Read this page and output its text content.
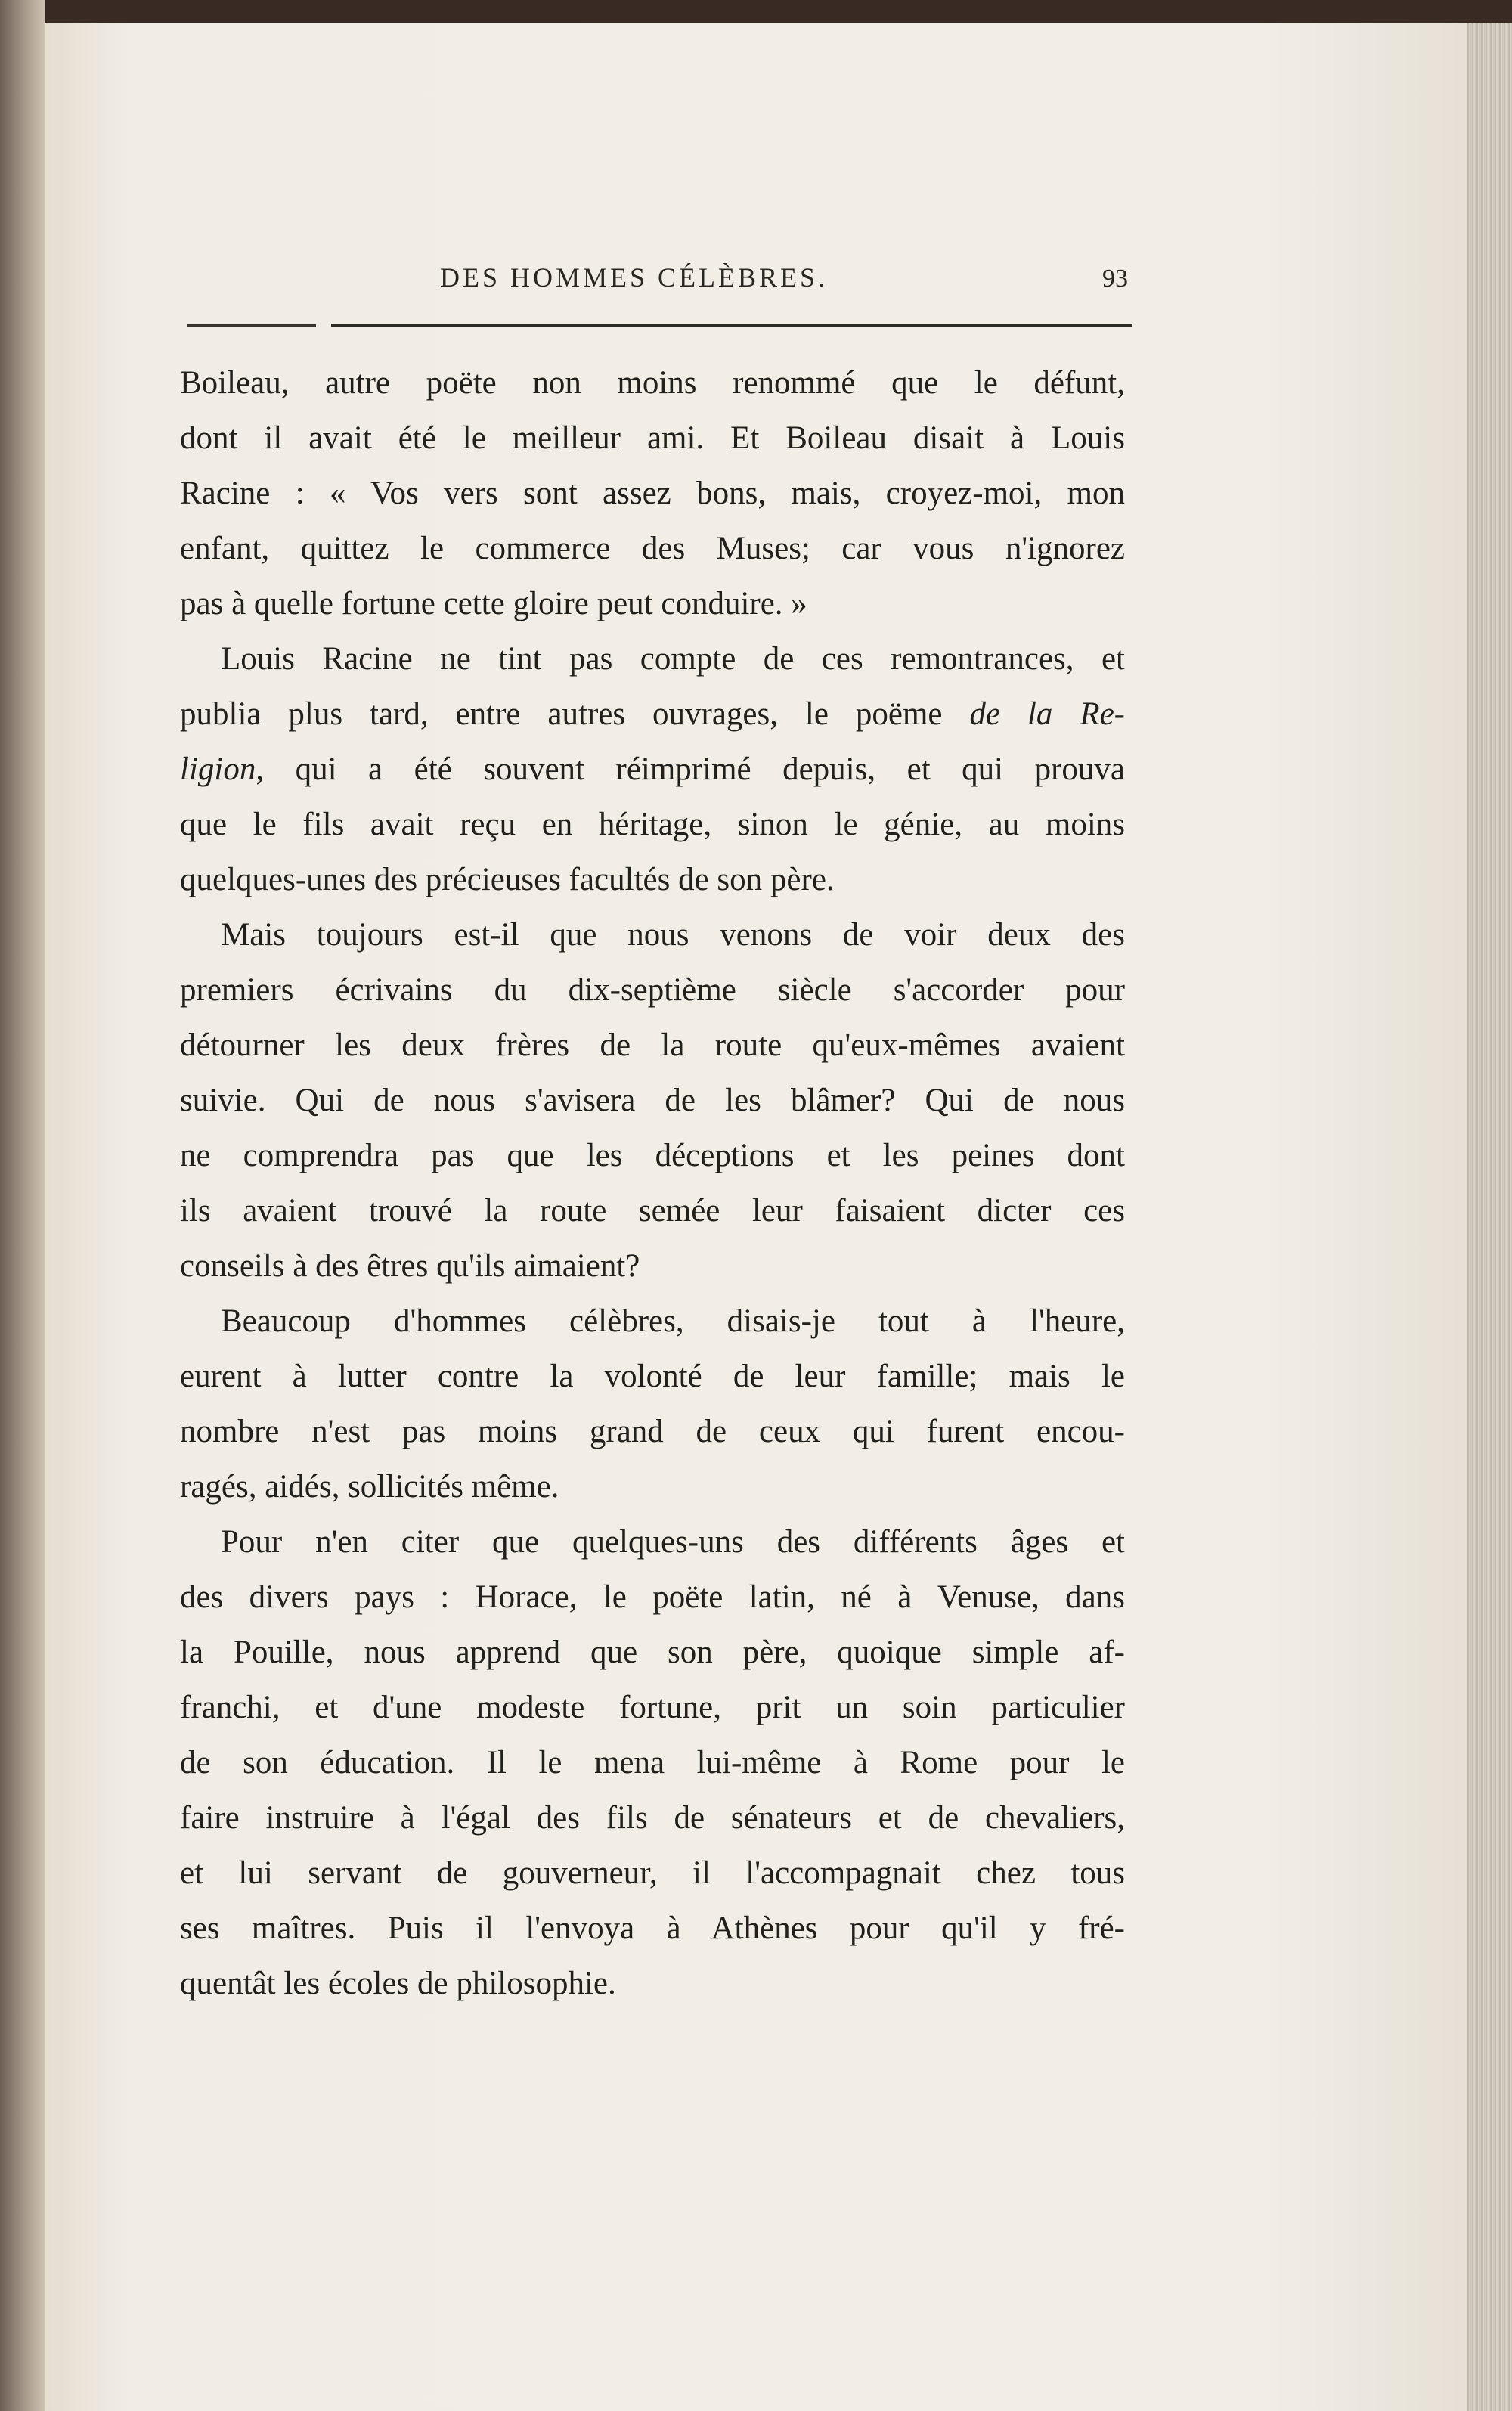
DES HOMMES CÉLÈBRES.	93
Boileau, autre poëte non moins renommé que le défunt,
dont il avait été le meilleur ami. Et Boileau disait à Louis
Racine : « Vos vers sont assez bons, mais, croyez-moi, mon
enfant, quittez le commerce des Muses; car vous n'ignorez
pas à quelle fortune cette gloire peut conduire. »
Louis Racine ne tint pas compte de ces remontrances, et
publia plus tard, entre autres ouvrages, le poëme de la Re-
ligion, qui a été souvent réimprimé depuis, et qui prouva
que le fils avait reçu en héritage, sinon le génie, au moins
quelques-unes des précieuses facultés de son père.
Mais toujours est-il que nous venons de voir deux des
premiers écrivains du dix-septième siècle s'accorder pour
détourner les deux frères de la route qu'eux-mêmes avaient
suivie. Qui de nous s'avisera de les blâmer? Qui de nous
ne comprendra pas que les déceptions et les peines dont
ils avaient trouvé la route semée leur faisaient dicter ces
conseils à des êtres qu'ils aimaient?
Beaucoup d'hommes célèbres, disais-je tout à l'heure,
eurent à lutter contre la volonté de leur famille; mais le
nombre n'est pas moins grand de ceux qui furent encou-
ragés, aidés, sollicités même.
Pour n'en citer que quelques-uns des différents âges et
des divers pays : Horace, le poëte latin, né à Venuse, dans
la Pouille, nous apprend que son père, quoique simple af-
franchi, et d'une modeste fortune, prit un soin particulier
de son éducation. Il le mena lui-même à Rome pour le
faire instruire à l'égal des fils de sénateurs et de chevaliers,
et lui servant de gouverneur, il l'accompagnait chez tous
ses maîtres. Puis il l'envoya à Athènes pour qu'il y fré-
quentât les écoles de philosophie.
